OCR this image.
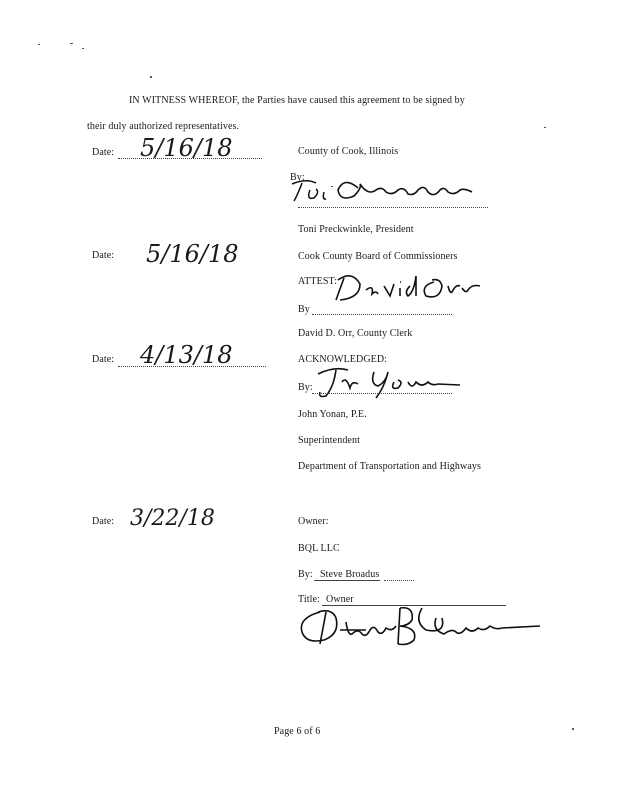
IN WITNESS WHEREOF, the Parties have caused this agreement to be signed by
their duly authorized representatives.
Date: 5/16/18	County of Cook, Illinois
By:
Toni Preckwinkle, President
Cook County Board of Commissioners
Date: 5/16/18
ATTEST:
By
David D. Orr, County Clerk
Date: 4/13/18	ACKNOWLEDGED:
By:
John Yonan, P.E.
Superintendent
Department of Transportation and Highways
Date: 3/22/18	Owner:
BQL LLC
By: Steve Broadus
Title: Owner
Page 6 of 6
